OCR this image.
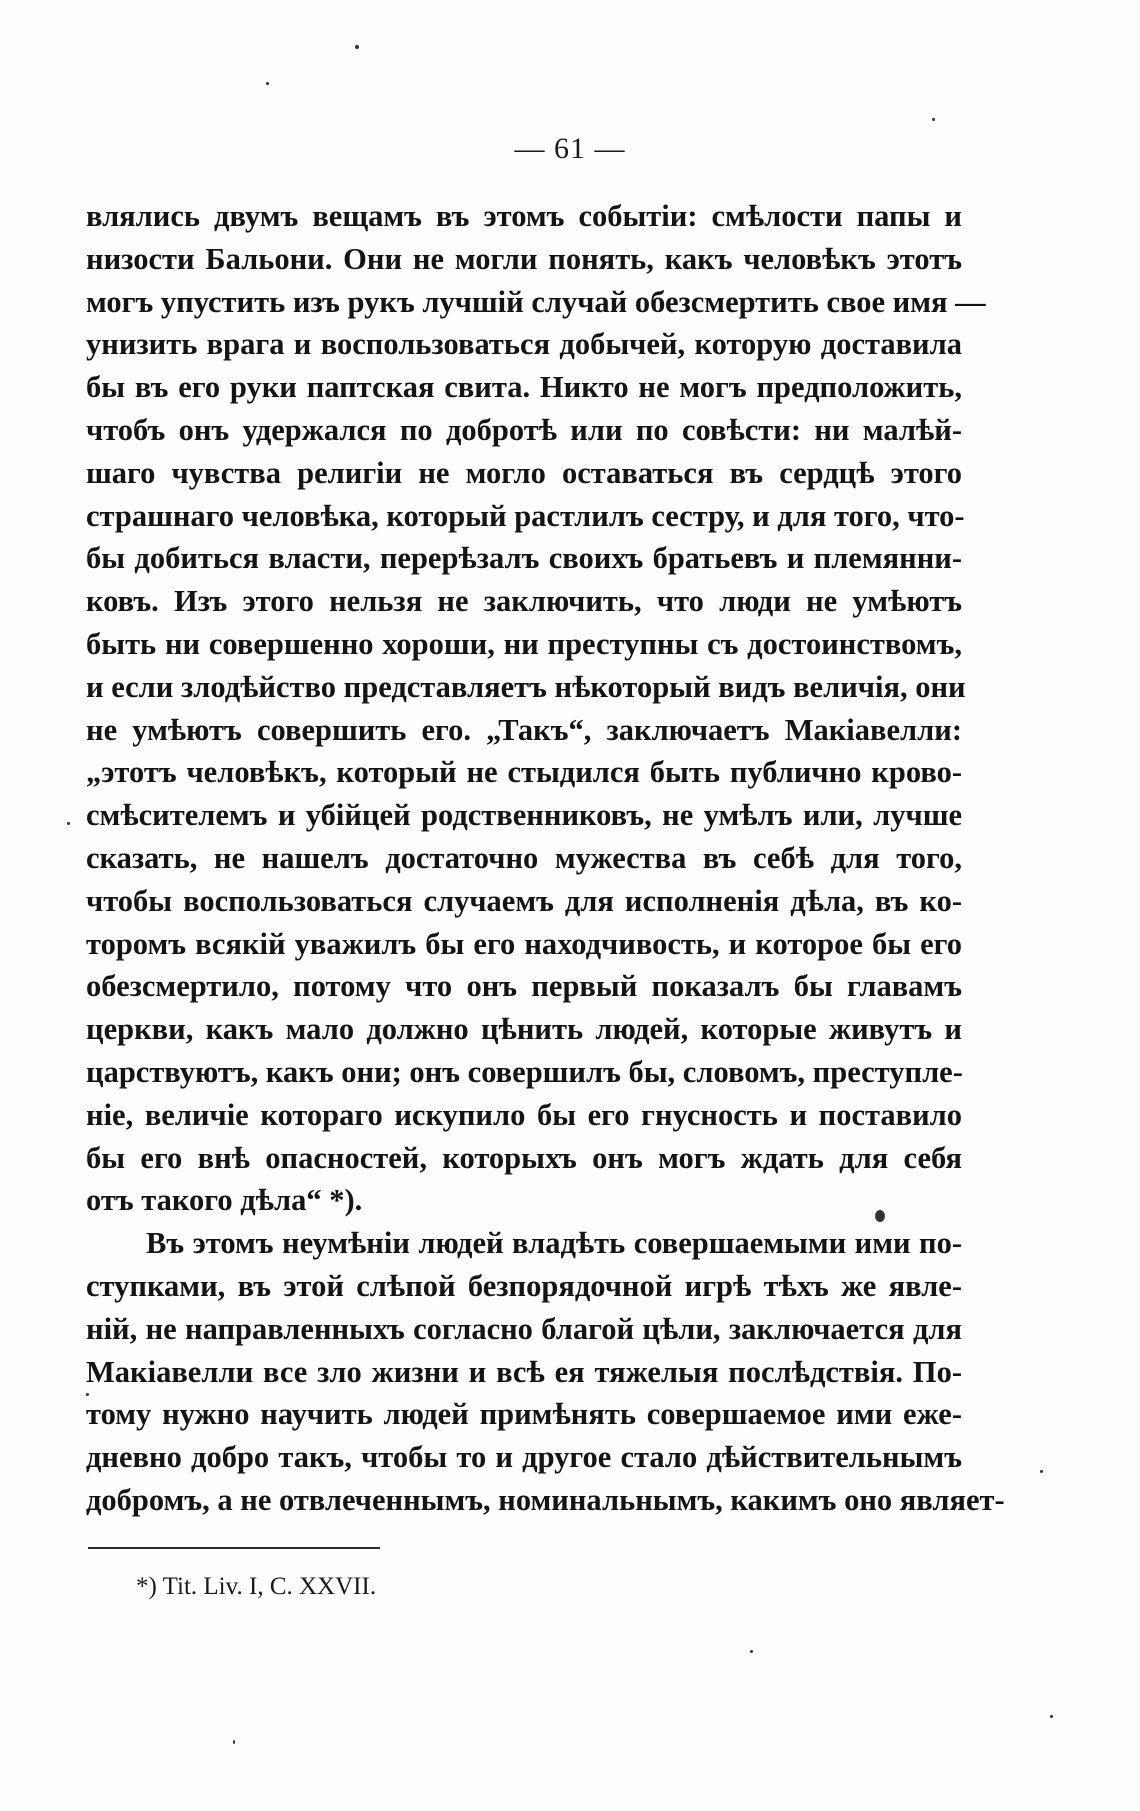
— 61 —
влялись двумъ вещамъ въ этомъ событіи: смѣлости папы и
низости Бальони. Они не могли понять, какъ человѣкъ этотъ
могъ упустить изъ рукъ лучшій случай обезсмертить свое имя —
унизить врага и воспользоваться добычей, которую доставила
бы въ его руки паптская свита. Никто не могъ предположить,
чтобъ онъ удержался по добротѣ или по совѣсти: ни малѣй-
шаго чувства религіи не могло оставаться въ сердцѣ этого
страшнаго человѣка, который растлилъ сестру, и для того, что-
бы добиться власти, перерѣзалъ своихъ братьевъ и племянни-
ковъ. Изъ этого нельзя не заключить, что люди не умѣютъ
быть ни совершенно хороши, ни преступны съ достоинствомъ,
и если злодѣйство представляетъ нѣкоторый видъ величія, они
не умѣютъ совершить его. „Такъ“, заключаетъ Макіавелли:
„этотъ человѣкъ, который не стыдился быть публично крово-
смѣсителемъ и убійцей родственниковъ, не умѣлъ или, лучше
сказать, не нашелъ достаточно мужества въ себѣ для того,
чтобы воспользоваться случаемъ для исполненія дѣла, въ ко-
торомъ всякій уважилъ бы его находчивость, и которое бы его
обезсмертило, потому что онъ первый показалъ бы главамъ
церкви, какъ мало должно цѣнить людей, которые живутъ и
царствуютъ, какъ они; онъ совершилъ бы, словомъ, преступле-
ніе, величіе котораго искупило бы его гнусность и поставило
бы его внѣ опасностей, которыхъ онъ могъ ждать для себя
отъ такого дѣла“ *).
Въ этомъ неумѣніи людей владѣть совершаемыми ими по-
ступками, въ этой слѣпой безпорядочной игрѣ тѣхъ же явле-
ній, не направленныхъ согласно благой цѣли, заключается для
Макіавелли все зло жизни и всѣ ея тяжелыя послѣдствія. По-
тому нужно научить людей примѣнять совершаемое ими еже-
дневно добро такъ, чтобы то и другое стало дѣйствительнымъ
добромъ, а не отвлеченнымъ, номинальнымъ, какимъ оно являет-
*) Tit. Liv. I, C. XXVII.
